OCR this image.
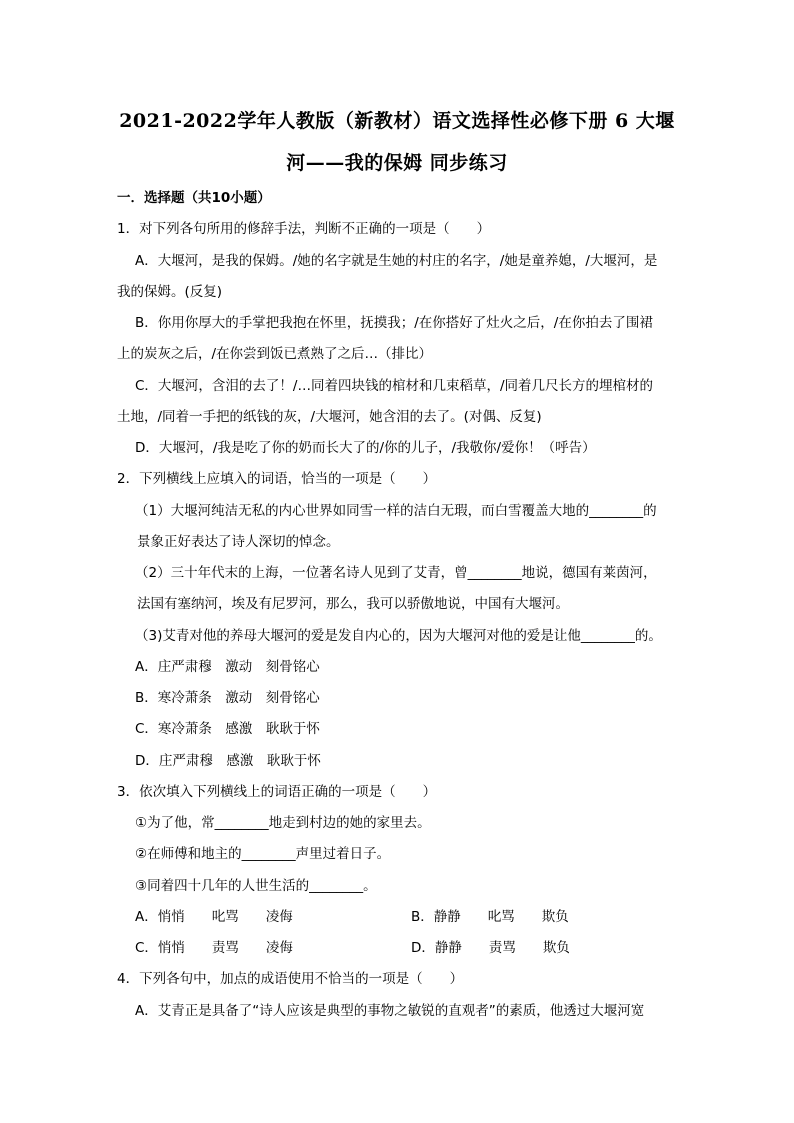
2021-2022学年人教版（新教材）语文选择性必修下册 6 大堰
河——我的保姆 同步练习
一．选择题（共10小题）
1．对下列各句所用的修辞手法，判断不正确的一项是（　　）
A．大堰河，是我的保姆。/她的名字就是生她的村庄的名字，/她是童养媳，/大堰河，是
我的保姆。(反复)
B．你用你厚大的手掌把我抱在怀里，抚摸我；/在你搭好了灶火之后，/在你拍去了围裙
上的炭灰之后，/在你尝到饭已煮熟了之后…（排比）
C．大堰河，含泪的去了！/…同着四块钱的棺材和几束稻草，/同着几尺长方的埋棺材的
土地，/同着一手把的纸钱的灰，/大堰河，她含泪的去了。(对偶、反复)
D．大堰河，/我是吃了你的奶而长大了的/你的儿子，/我敬你/爱你！（呼告）
2．下列横线上应填入的词语，恰当的一项是（　　）
（1）大堰河纯洁无私的内心世界如同雪一样的洁白无瑕，而白雪覆盖大地的________的
景象正好表达了诗人深切的悼念。
（2）三十年代末的上海，一位著名诗人见到了艾青，曾________地说，德国有莱茵河，
法国有塞纳河，埃及有尼罗河，那么，我可以骄傲地说，中国有大堰河。
（3)艾青对他的养母大堰河的爱是发自内心的，因为大堰河对他的爱是让他________的。
A．庄严肃穆　激动　刻骨铭心
B．寒冷萧条　激动　刻骨铭心
C．寒冷萧条　感激　耿耿于怀
D．庄严肃穆　感激　耿耿于怀
3．依次填入下列横线上的词语正确的一项是（　　）
①为了他，常________地走到村边的她的家里去。
②在师傅和地主的________声里过着日子。
③同着四十几年的人世生活的________。
A．悄悄　　叱骂　　凌侮	B．静静　　叱骂　　欺负
C．悄悄　　责骂　　凌侮	D．静静　　责骂　　欺负
4．下列各句中，加点的成语使用不恰当的一项是（　　）
A．艾青正是具备了“诗人应该是典型的事物之敏锐的直观者”的素质，他透过大堰河宽
